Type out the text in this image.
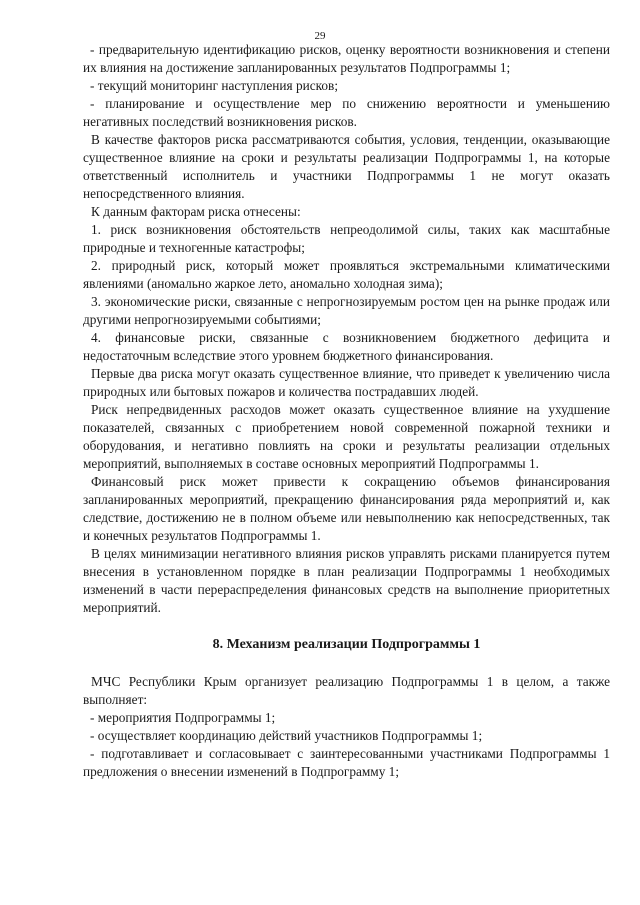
29

- предварительную идентификацию рисков, оценку вероятности возникновения и степени их влияния на достижение запланированных результатов Подпрограммы 1;

- текущий мониторинг наступления рисков;

- планирование и осуществление мер по снижению вероятности и уменьшению негативных последствий возникновения рисков.

В качестве факторов риска рассматриваются события, условия, тенденции, оказывающие существенное влияние на сроки и результаты реализации Подпрограммы 1, на которые ответственный исполнитель и участники Подпрограммы 1 не могут оказать непосредственного влияния.

К данным факторам риска отнесены:

1. риск возникновения обстоятельств непреодолимой силы, таких как масштабные природные и техногенные катастрофы;

2. природный риск, который может проявляться экстремальными климатическими явлениями (аномально жаркое лето, аномально холодная зима);

3. экономические риски, связанные с непрогнозируемым ростом цен на рынке продаж или другими непрогнозируемыми событиями;

4. финансовые риски, связанные с возникновением бюджетного дефицита и недостаточным вследствие этого уровнем бюджетного финансирования.

Первые два риска могут оказать существенное влияние, что приведет к увеличению числа природных или бытовых пожаров и количества пострадавших людей.

Риск непредвиденных расходов может оказать существенное влияние на ухудшение показателей, связанных с приобретением новой современной пожарной техники и оборудования, и негативно повлиять на сроки и результаты реализации отдельных мероприятий, выполняемых в составе основных мероприятий Подпрограммы 1.

Финансовый риск может привести к сокращению объемов финансирования запланированных мероприятий, прекращению финансирования ряда мероприятий и, как следствие, достижению не в полном объеме или невыполнению как непосредственных, так и конечных результатов Подпрограммы 1.

В целях минимизации негативного влияния рисков управлять рисками планируется путем внесения в установленном порядке в план реализации Подпрограммы 1 необходимых изменений в части перераспределения финансовых средств на выполнение приоритетных мероприятий.

8. Механизм реализации Подпрограммы 1

МЧС Республики Крым организует реализацию Подпрограммы 1 в целом, а также выполняет:

- мероприятия Подпрограммы 1;

- осуществляет координацию действий участников Подпрограммы 1;

- подготавливает и согласовывает с заинтересованными участниками Подпрограммы 1 предложения о внесении изменений в Подпрограмму 1;
